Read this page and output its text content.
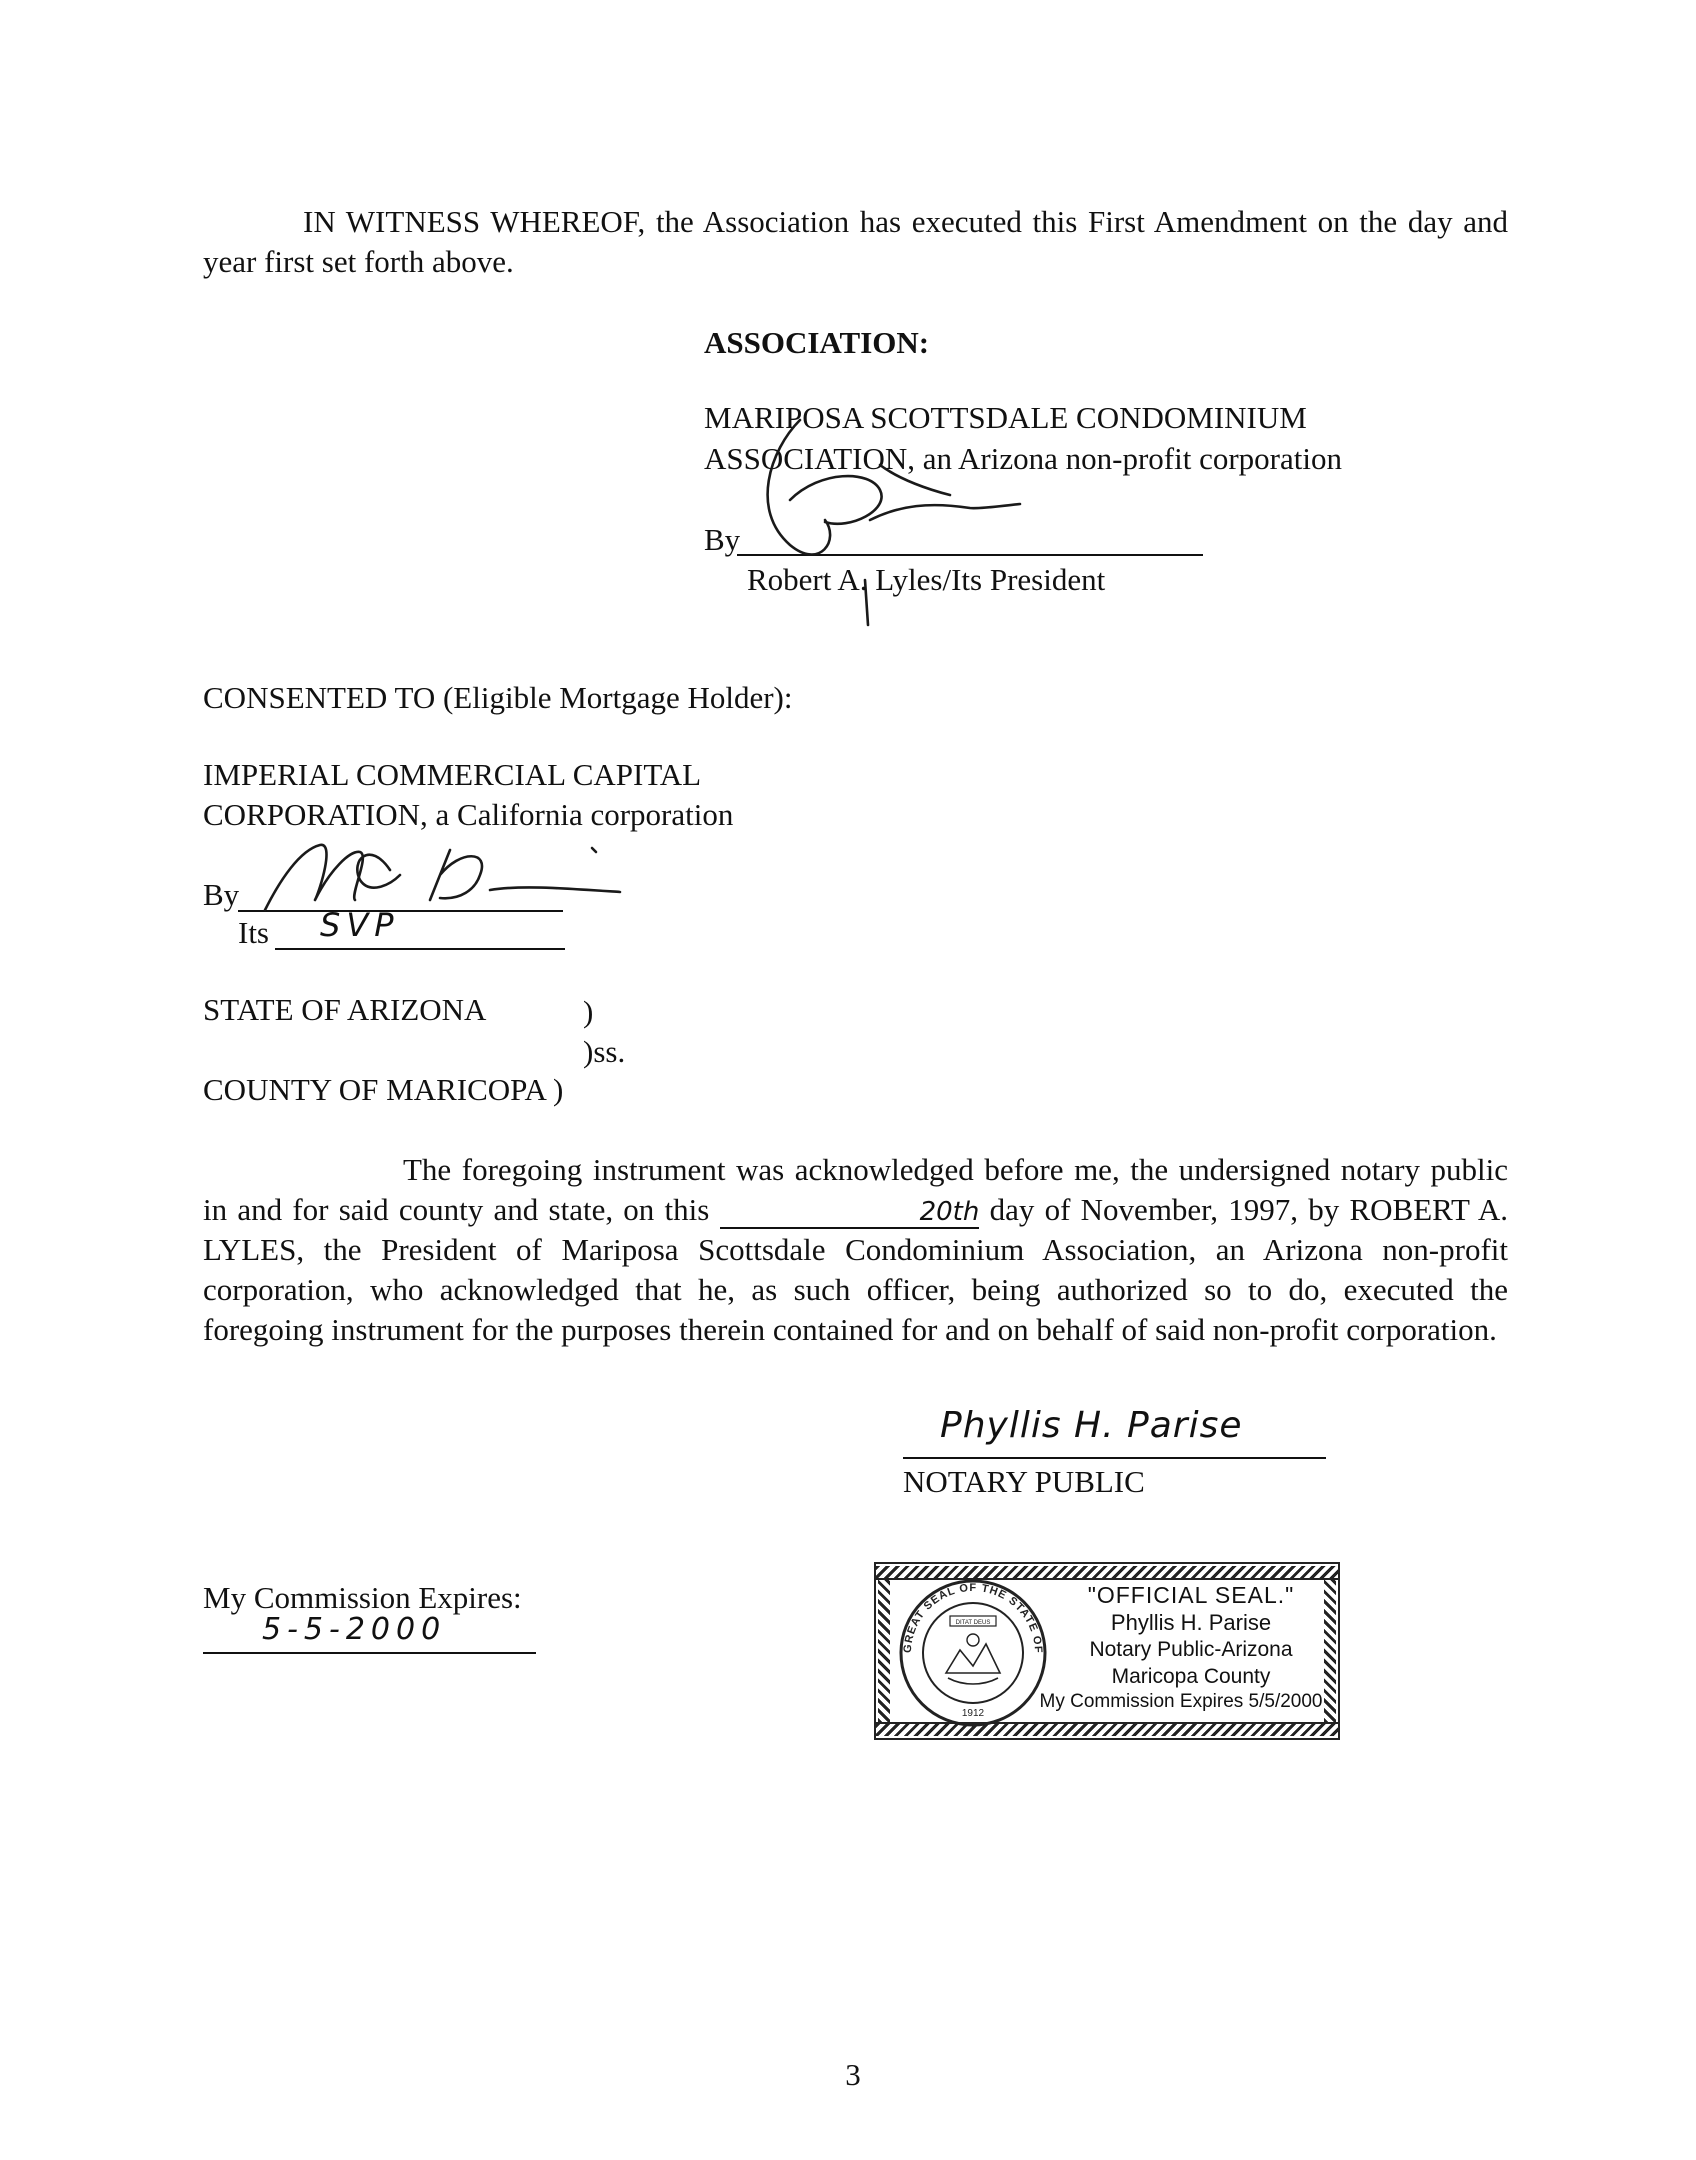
IN WITNESS WHEREOF, the Association has executed this First Amendment on the day and year first set forth above.
ASSOCIATION:
MARIPOSA SCOTTSDALE CONDOMINIUM
ASSOCIATION, an Arizona non-profit corporation
By
Robert A. Lyles/Its President
CONSENTED TO (Eligible Mortgage Holder):
IMPERIAL COMMERCIAL CAPITAL
CORPORATION, a California corporation
By
Its SVP
STATE OF ARIZONA	)
)ss.
COUNTY OF MARICOPA )
The foregoing instrument was acknowledged before me, the undersigned notary public in and for said county and state, on this	20th day of November, 1997, by ROBERT A. LYLES, the President of Mariposa Scottsdale Condominium Association, an Arizona non-profit corporation, who acknowledged that he, as such officer, being authorized so to do, executed the foregoing instrument for the purposes therein contained for and on behalf of said non-profit corporation.
Phyllis H. Parise
NOTARY PUBLIC
My Commission Expires:
5-5-2000
GREAT SEAL OF THE STATE OF
DITAT DEUS
1912
"OFFICIAL SEAL."
Phyllis H. Parise
Notary Public-Arizona
Maricopa County
My Commission Expires 5/5/2000
3
